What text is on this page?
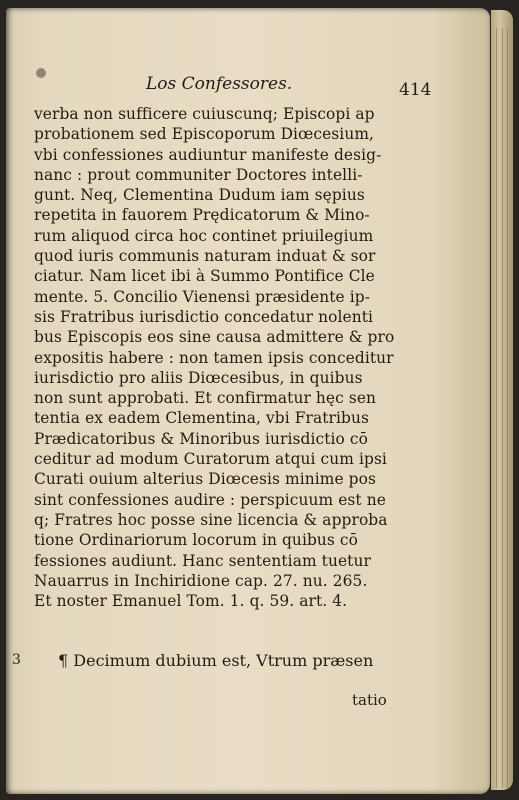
Los Confessores.	414
verba non sufficere cuiuscunq; Episcopi ap
probationem sed Episcoporum Diœcesium,
vbi confessiones audiuntur manifeste desig-
nanc : prout communiter Doctores intelli-
gunt. Neq, Clementina Dudum iam sępius
repetita in fauorem Prędicatorum & Mino-
rum aliquod circa hoc continet priuilegium
quod iuris communis naturam induat & sor
ciatur. Nam licet ibi à Summo Pontifice Cle
mente. 5. Concilio Vienensi præsidente ip-
sis Fratribus iurisdictio concedatur nolenti
bus Episcopis eos sine causa admittere & pro
expositis habere : non tamen ipsis conceditur
iurisdictio pro aliis Diœcesibus, in quibus
non sunt approbati. Et confirmatur hęc sen
tentia ex eadem Clementina, vbi Fratribus
Prædicatoribus & Minoribus iurisdictio cō
ceditur ad modum Curatorum atqui cum ipsi
Curati ouium alterius Diœcesis minime pos
sint confessiones audire : perspicuum est ne
q; Fratres hoc posse sine licencia & approba
tione Ordinariorum locorum in quibus cō
fessiones audiunt. Hanc sententiam tuetur
Nauarrus in Inchiridione cap. 27. nu. 265.
Et noster Emanuel Tom. 1. q. 59. art. 4.
3	¶ Decimum dubium est, Vtrum præsen
tatio
